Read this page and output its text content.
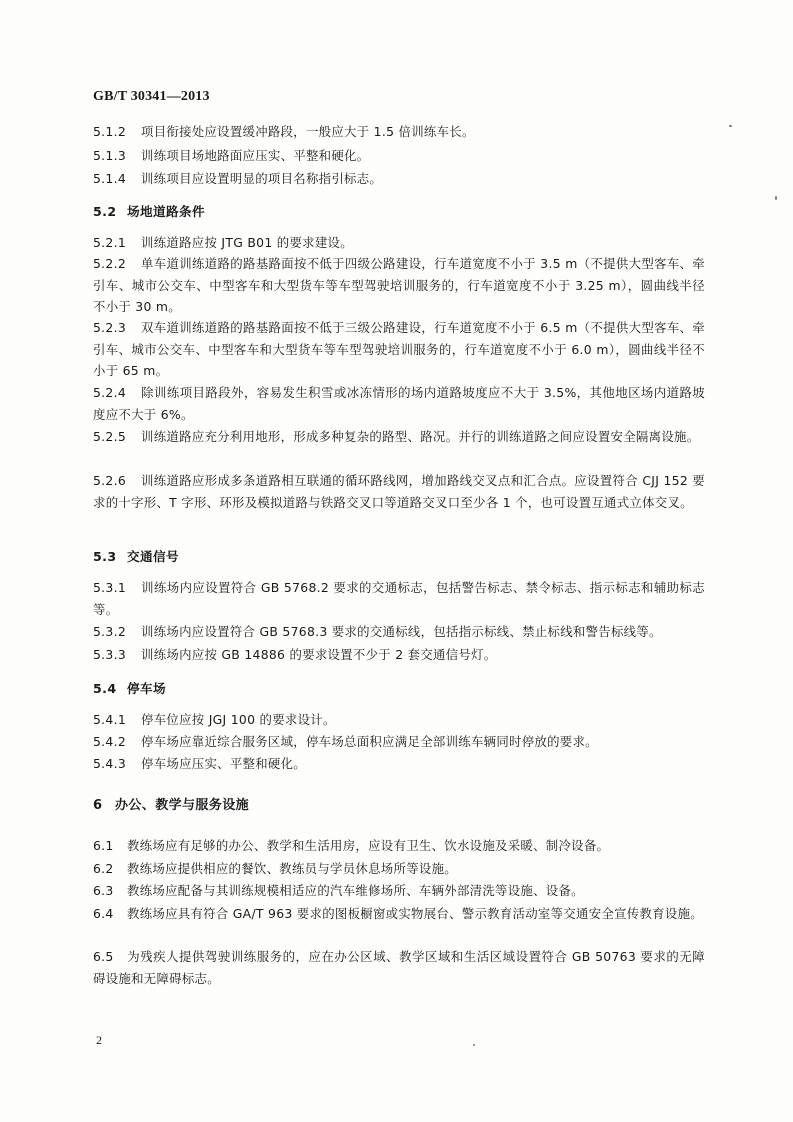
GB/T 30341—2013
5.1.2 项目衔接处应设置缓冲路段，一般应大于 1.5 倍训练车长。
5.1.3 训练项目场地路面应压实、平整和硬化。
5.1.4 训练项目应设置明显的项目名称指引标志。
5.2 场地道路条件
5.2.1 训练道路应按 JTG B01 的要求建设。
5.2.2 单车道训练道路的路基路面按不低于四级公路建设，行车道宽度不小于 3.5 m（不提供大型客车、牵引车、城市公交车、中型客车和大型货车等车型驾驶培训服务的，行车道宽度不小于 3.25 m），圆曲线半径不小于 30 m。
5.2.3 双车道训练道路的路基路面按不低于三级公路建设，行车道宽度不小于 6.5 m（不提供大型客车、牵引车、城市公交车、中型客车和大型货车等车型驾驶培训服务的，行车道宽度不小于 6.0 m），圆曲线半径不小于 65 m。
5.2.4 除训练项目路段外，容易发生积雪或冰冻情形的场内道路坡度应不大于 3.5%，其他地区场内道路坡度应不大于 6%。
5.2.5 训练道路应充分利用地形，形成多种复杂的路型、路况。并行的训练道路之间应设置安全隔离设施。
5.2.6 训练道路应形成多条道路相互联通的循环路线网，增加路线交叉点和汇合点。应设置符合 CJJ 152 要求的十字形、T 字形、环形及模拟道路与铁路交叉口等道路交叉口至少各 1 个，也可设置互通式立体交叉。
5.3 交通信号
5.3.1 训练场内应设置符合 GB 5768.2 要求的交通标志，包括警告标志、禁令标志、指示标志和辅助标志等。
5.3.2 训练场内应设置符合 GB 5768.3 要求的交通标线，包括指示标线、禁止标线和警告标线等。
5.3.3 训练场内应按 GB 14886 的要求设置不少于 2 套交通信号灯。
5.4 停车场
5.4.1 停车位应按 JGJ 100 的要求设计。
5.4.2 停车场应靠近综合服务区域，停车场总面积应满足全部训练车辆同时停放的要求。
5.4.3 停车场应压实、平整和硬化。
6 办公、教学与服务设施
6.1 教练场应有足够的办公、教学和生活用房，应设有卫生、饮水设施及采暖、制冷设备。
6.2 教练场应提供相应的餐饮、教练员与学员休息场所等设施。
6.3 教练场应配备与其训练规模相适应的汽车维修场所、车辆外部清洗等设施、设备。
6.4 教练场应具有符合 GA/T 963 要求的图板橱窗或实物展台、警示教育活动室等交通安全宣传教育设施。
6.5 为残疾人提供驾驶训练服务的，应在办公区域、教学区域和生活区域设置符合 GB 50763 要求的无障碍设施和无障碍标志。
2
